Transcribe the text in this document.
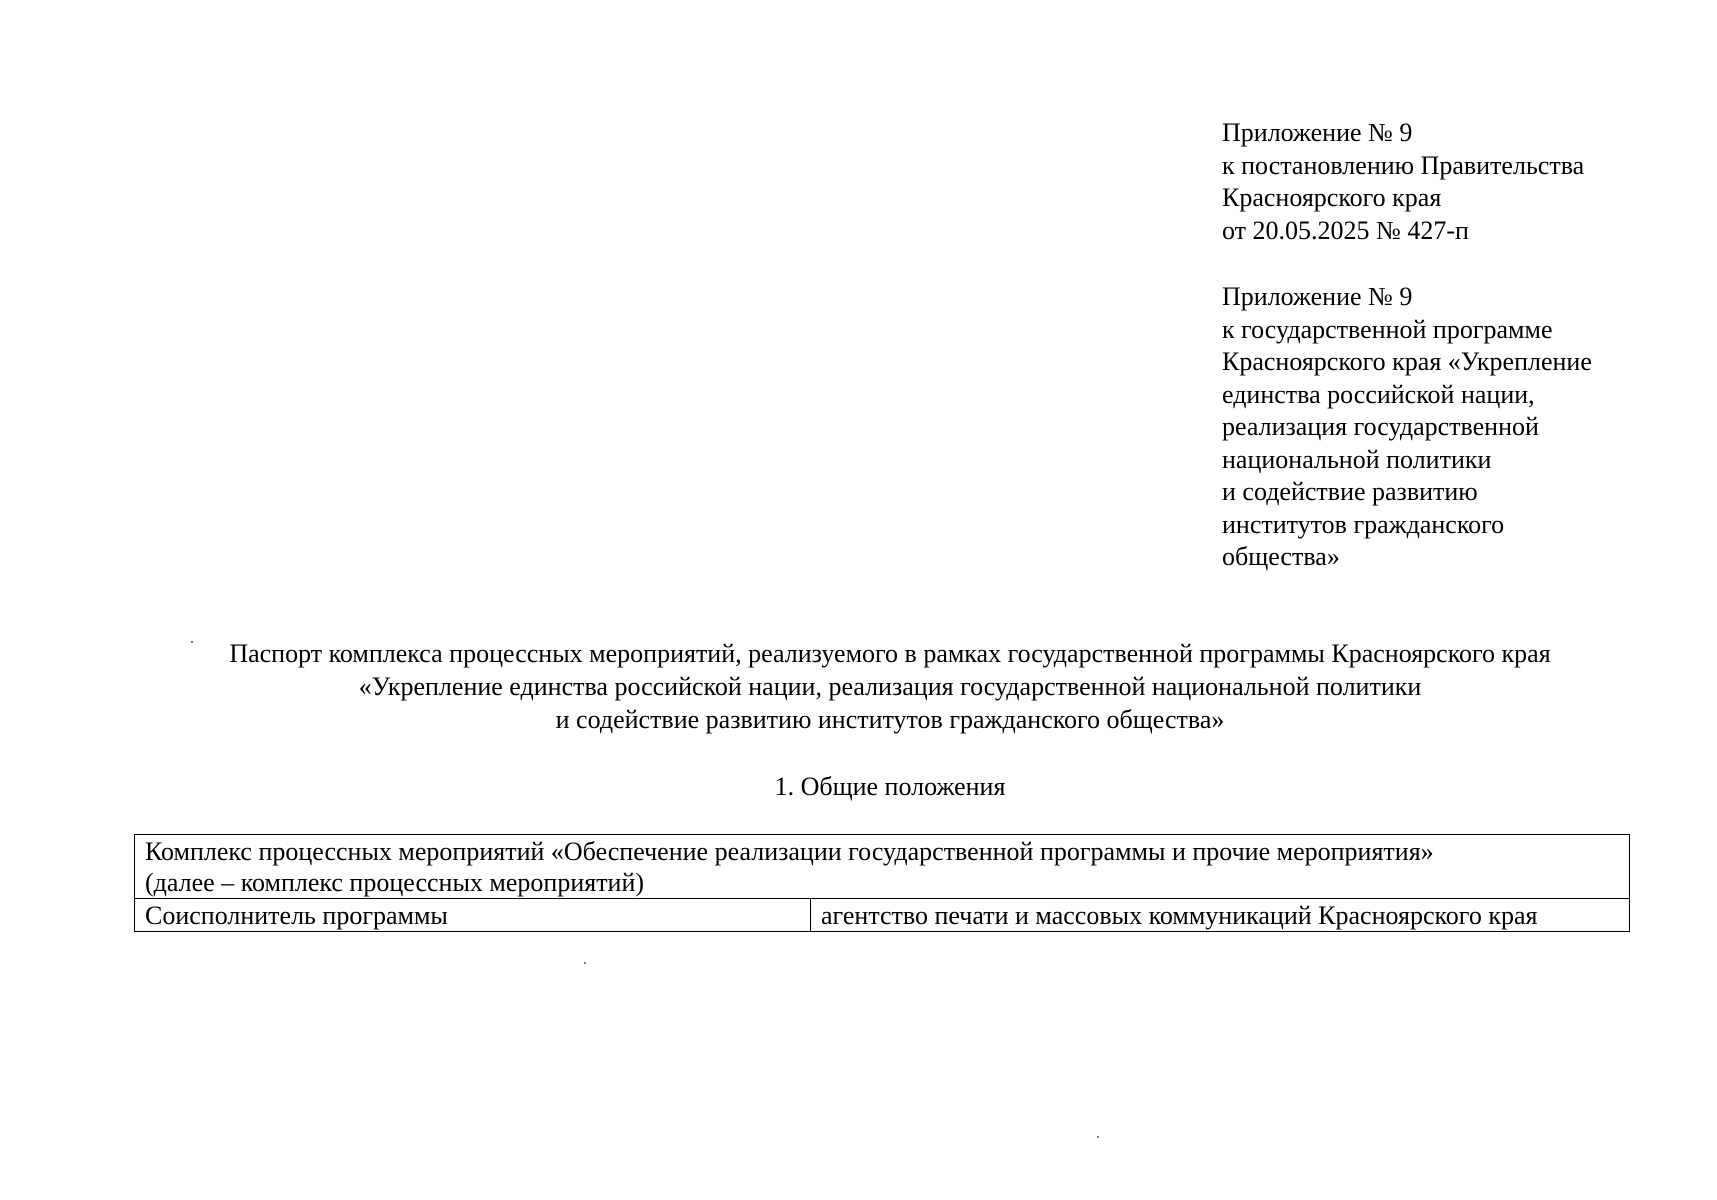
Приложение № 9
к постановлению Правительства
Красноярского края
от 20.05.2025 № 427-п
Приложение № 9
к государственной программе
Красноярского края «Укрепление
единства российской нации,
реализация государственной
национальной политики
и содействие развитию
институтов гражданского
общества»
Паспорт комплекса процессных мероприятий, реализуемого в рамках государственной программы Красноярского края
«Укрепление единства российской нации, реализация государственной национальной политики
и содействие развитию институтов гражданского общества»
1. Общие положения
Комплекс процессных мероприятий «Обеспечение реализации государственной программы и прочие мероприятия»
(далее – комплекс процессных мероприятий)

Соисполнитель программы	агентство печати и массовых коммуникаций Красноярского края
